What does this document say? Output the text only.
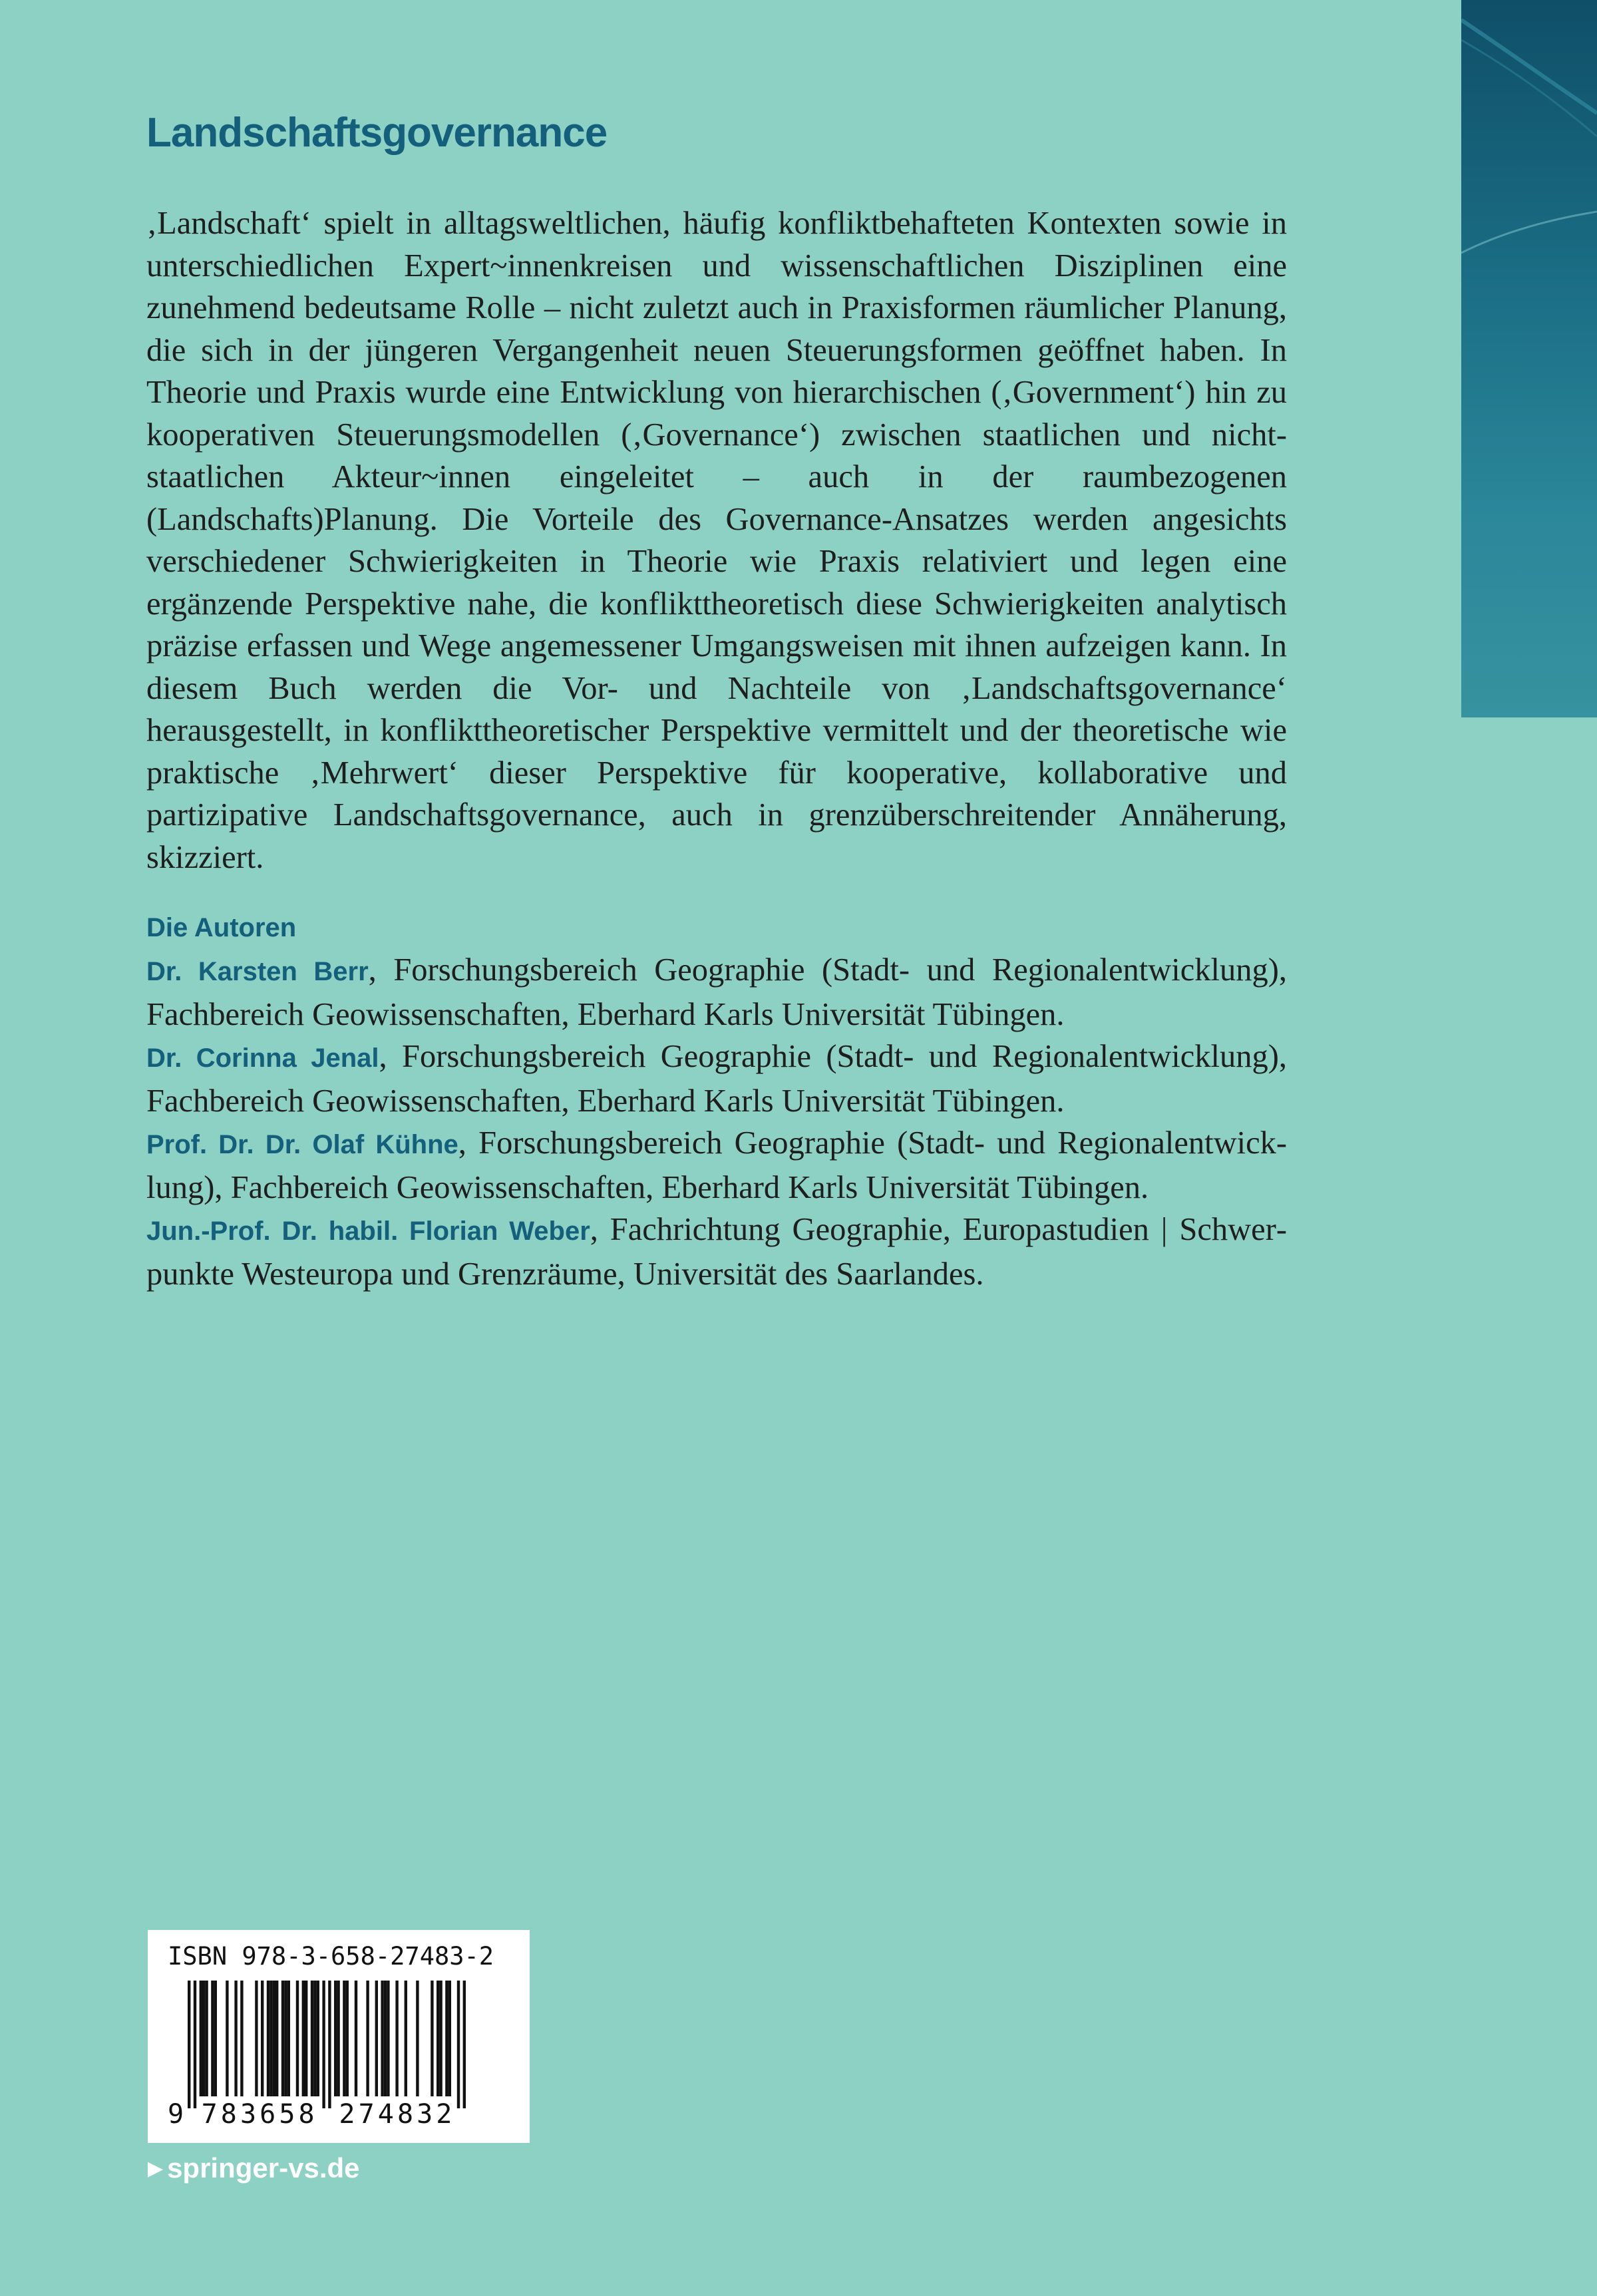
Landschaftsgovernance

‚Landschaft‘ spielt in alltagsweltlichen, häufig konfliktbehafteten Kontexten sowie in unterschiedlichen Expert~innenkreisen und wissenschaftlichen Disziplinen eine zunehmend bedeutsame Rolle – nicht zuletzt auch in Praxisformen räumlicher Planung, die sich in der jüngeren Vergangenheit neuen Steuerungsformen geöffnet haben. In Theorie und Praxis wurde eine Entwicklung von hierarchischen (‚Government‘) hin zu kooperativen Steuerungsmodellen (‚Governance‘) zwischen staatlichen und nicht-staatlichen Akteur~innen eingeleitet – auch in der raumbezogenen (Landschafts)Planung. Die Vorteile des Governance-Ansatzes werden angesichts verschiedener Schwierigkeiten in Theorie wie Praxis relativiert und legen eine ergänzende Perspektive nahe, die konflikttheoretisch diese Schwierigkeiten analytisch präzise erfassen und Wege angemessener Umgangsweisen mit ihnen aufzeigen kann. In diesem Buch werden die Vor- und Nachteile von ‚Landschaftsgovernance‘ herausgestellt, in konflikttheoretischer Perspektive vermittelt und der theoretische wie praktische ‚Mehrwert‘ dieser Perspektive für kooperative, kollaborative und partizipative Landschaftsgovernance, auch in grenzüberschreitender Annäherung, skizziert.

Die Autoren
Dr. Karsten Berr, Forschungsbereich Geographie (Stadt- und Regionalentwicklung), Fachbereich Geowissenschaften, Eberhard Karls Universität Tübingen.
Dr. Corinna Jenal, Forschungsbereich Geographie (Stadt- und Regionalentwicklung), Fachbereich Geowissenschaften, Eberhard Karls Universität Tübingen.
Prof. Dr. Dr. Olaf Kühne, Forschungsbereich Geographie (Stadt- und Regionalentwicklung), Fachbereich Geowissenschaften, Eberhard Karls Universität Tübingen.
Jun.-Prof. Dr. habil. Florian Weber, Fachrichtung Geographie, Europastudien | Schwerpunkte Westeuropa und Grenzräume, Universität des Saarlandes.
ISBN 978-3-658-27483-2
9 783658 274832
▶ springer-vs.de
